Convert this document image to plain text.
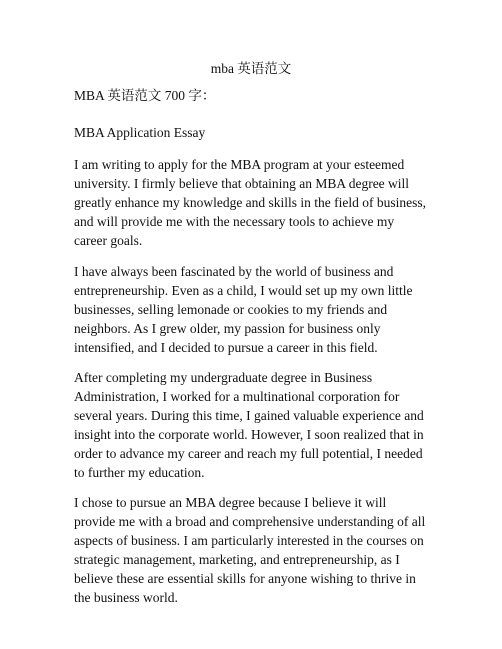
mba 英语范文

MBA 英语范文 700 字：

MBA Application Essay

I am writing to apply for the MBA program at your esteemed university. I firmly believe that obtaining an MBA degree will greatly enhance my knowledge and skills in the field of business, and will provide me with the necessary tools to achieve my career goals.

I have always been fascinated by the world of business and entrepreneurship. Even as a child, I would set up my own little businesses, selling lemonade or cookies to my friends and neighbors. As I grew older, my passion for business only intensified, and I decided to pursue a career in this field.

After completing my undergraduate degree in Business Administration, I worked for a multinational corporation for several years. During this time, I gained valuable experience and insight into the corporate world. However, I soon realized that in order to advance my career and reach my full potential, I needed to further my education.

I chose to pursue an MBA degree because I believe it will provide me with a broad and comprehensive understanding of all aspects of business. I am particularly interested in the courses on strategic management, marketing, and entrepreneurship, as I believe these are essential skills for anyone wishing to thrive in the business world.
